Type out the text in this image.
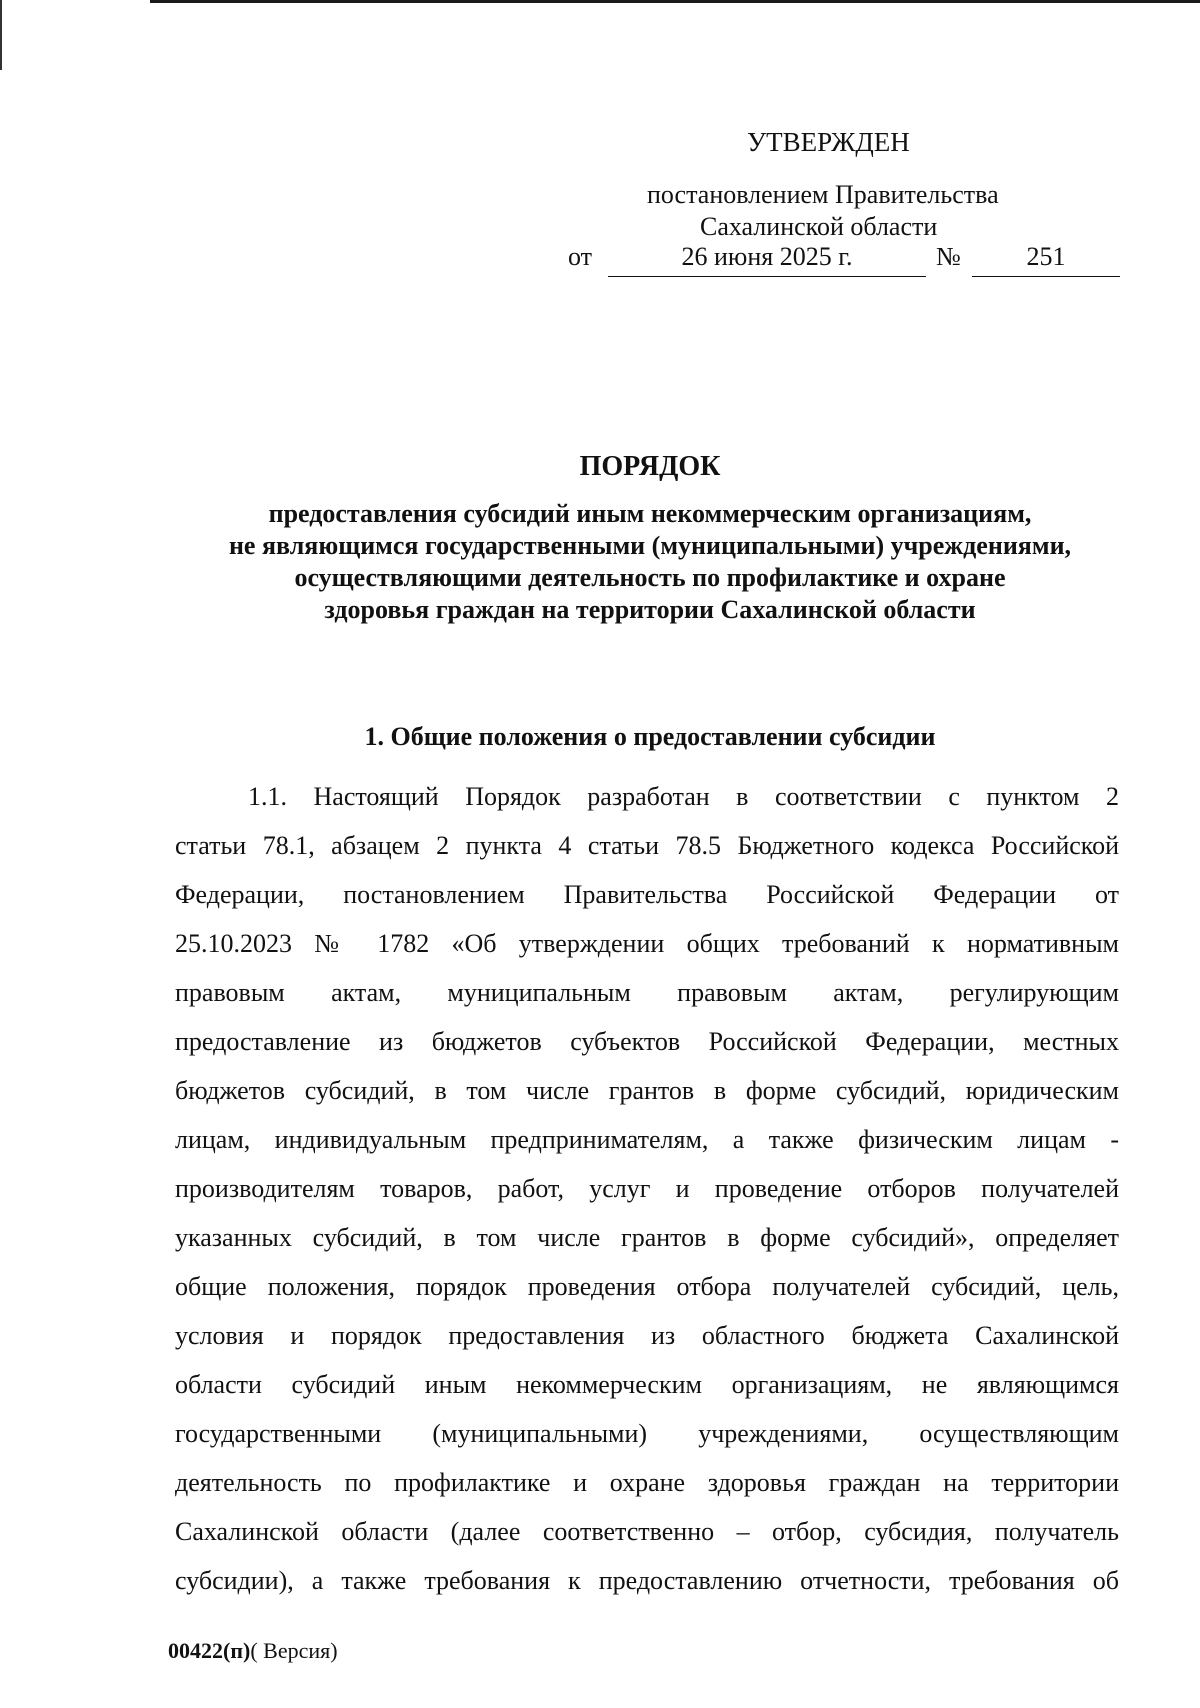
УТВЕРЖДЕН
постановлением Правительства
Сахалинской области
от	26 июня 2025 г.	№	251
ПОРЯДОК
предоставления субсидий иным некоммерческим организациям,
не являющимся государственными (муниципальными) учреждениями,
осуществляющими деятельность по профилактике и охране
здоровья граждан на территории Сахалинской области
1. Общие положения о предоставлении субсидии
1.1. Настоящий Порядок разработан в соответствии с пунктом 2
статьи 78.1, абзацем 2 пункта 4 статьи 78.5 Бюджетного кодекса Российской
Федерации, постановлением Правительства Российской Федерации от
25.10.2023 № 1782 «Об утверждении общих требований к нормативным
правовым актам, муниципальным правовым актам, регулирующим
предоставление из бюджетов субъектов Российской Федерации, местных
бюджетов субсидий, в том числе грантов в форме субсидий, юридическим
лицам, индивидуальным предпринимателям, а также физическим лицам -
производителям товаров, работ, услуг и проведение отборов получателей
указанных субсидий, в том числе грантов в форме субсидий», определяет
общие положения, порядок проведения отбора получателей субсидий, цель,
условия и порядок предоставления из областного бюджета Сахалинской
области субсидий иным некоммерческим организациям, не являющимся
государственными (муниципальными) учреждениями, осуществляющим
деятельность по профилактике и охране здоровья граждан на территории
Сахалинской области (далее соответственно – отбор, субсидия, получатель
субсидии), а также требования к предоставлению отчетности, требования об
00422(п)( Версия)
